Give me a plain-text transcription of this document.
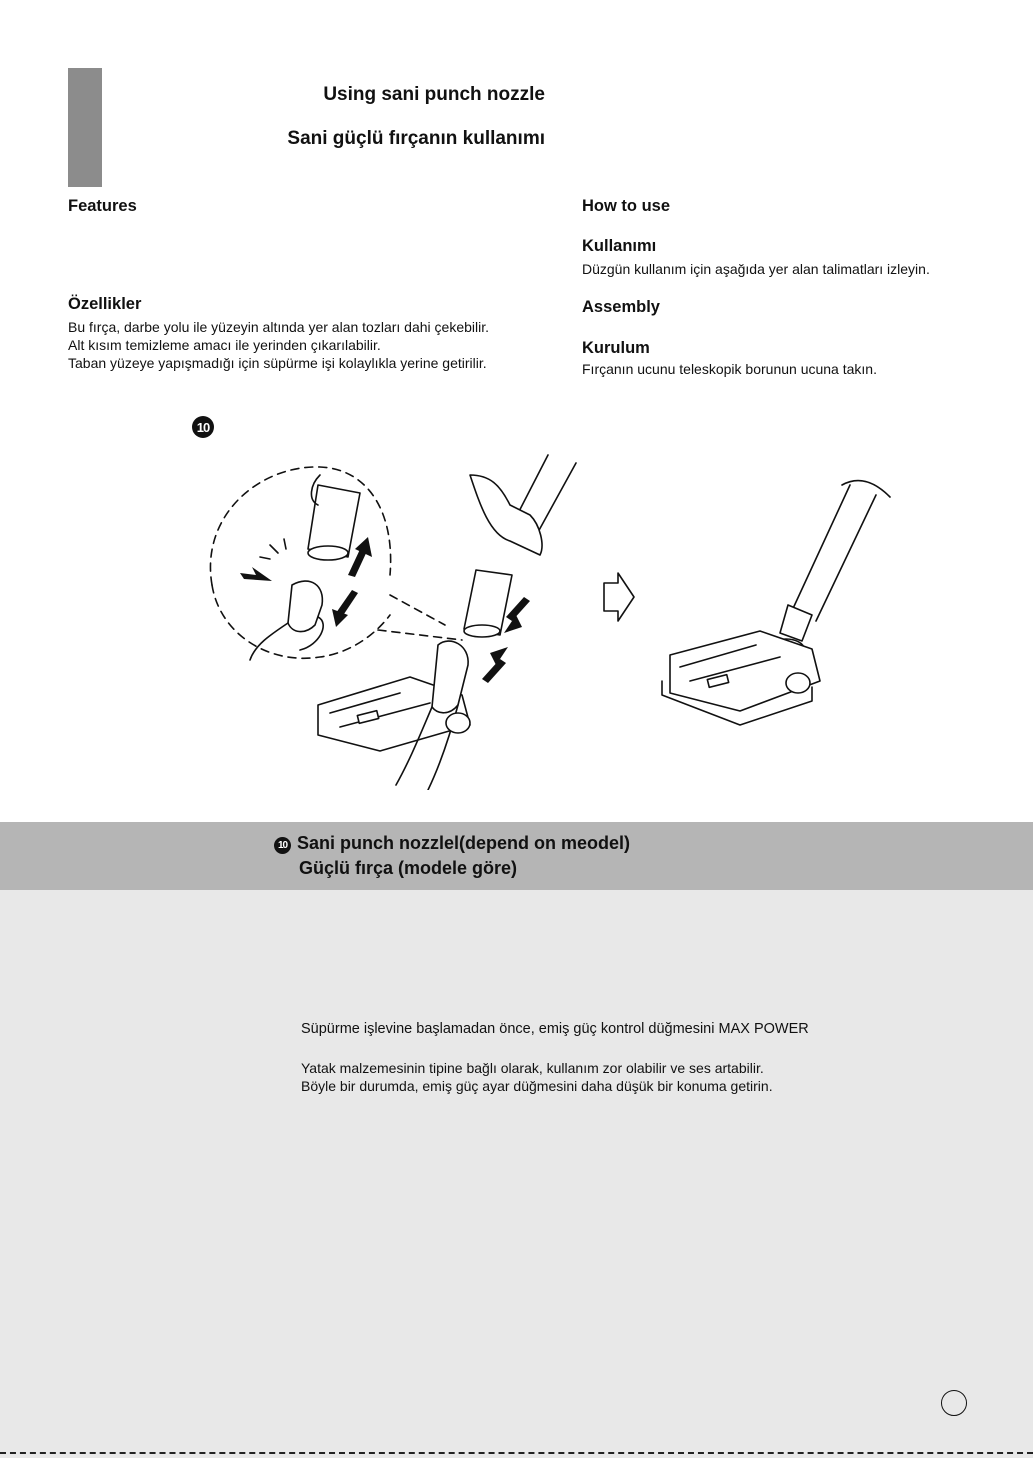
Using sani punch nozzle
Sani güçlü fırçanın kullanımı
Features
Özellikler
Bu fırça, darbe yolu ile yüzeyin altında yer alan tozları dahi çekebilir.
Alt kısım temizleme amacı ile yerinden çıkarılabilir.
Taban yüzeye yapışmadığı için süpürme işi kolaylıkla yerine getirilir.
How to use
Kullanımı
Düzgün kullanım için aşağıda yer alan talimatları izleyin.
Assembly
Kurulum
Fırçanın ucunu teleskopik borunun ucuna takın.
10
10 Sani punch nozzlel(depend on meodel)
Güçlü fırça (modele göre)
Süpürme işlevine başlamadan önce, emiş güç kontrol düğmesini MAX POWER
Yatak malzemesinin tipine bağlı olarak, kullanım zor olabilir ve ses artabilir.
Böyle bir durumda, emiş güç ayar düğmesini daha düşük bir konuma getirin.
